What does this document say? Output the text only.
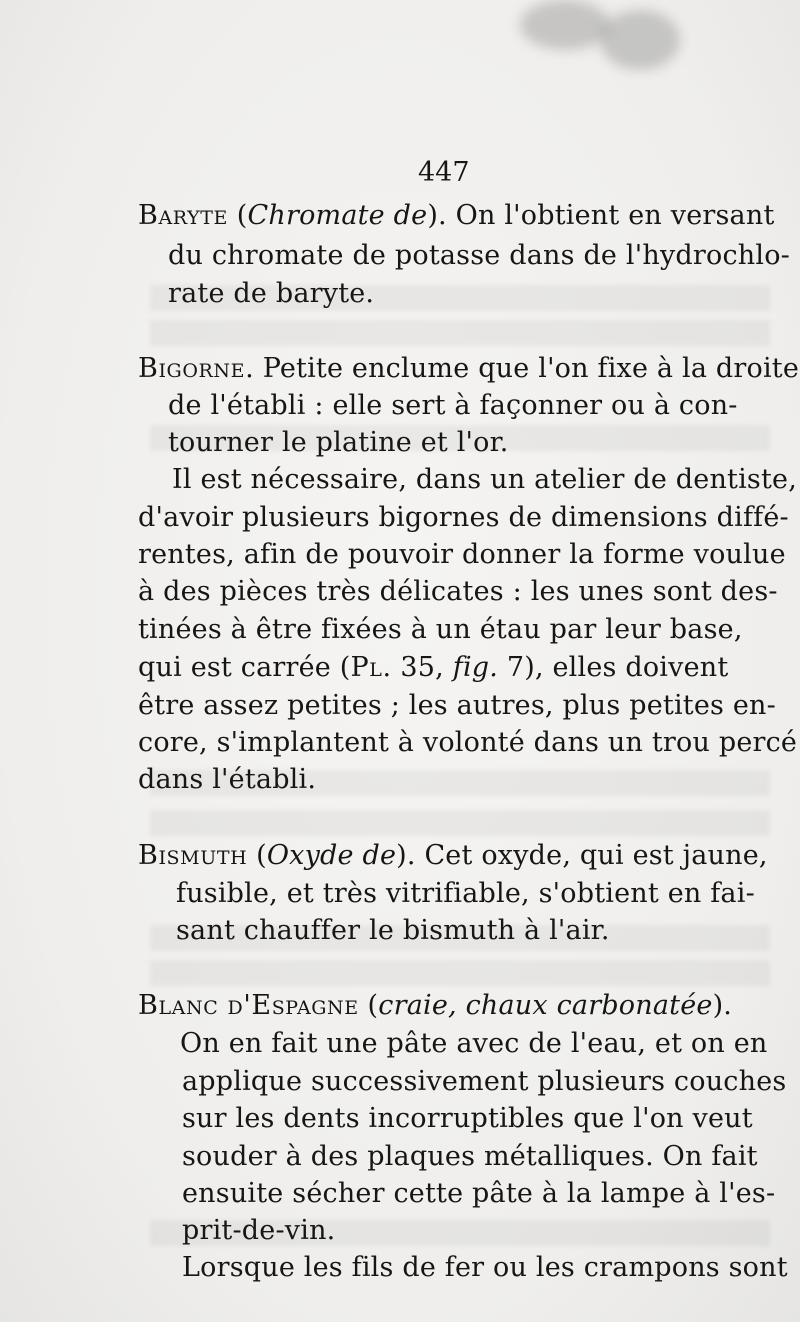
447
Baryte (Chromate de). On l'obtient en versant
du chromate de potasse dans de l'hydrochlo-
rate de baryte.
Bigorne. Petite enclume que l'on fixe à la droite
de l'établi : elle sert à façonner ou à con-
tourner le platine et l'or.
Il est nécessaire, dans un atelier de dentiste,
d'avoir plusieurs bigornes de dimensions diffé-
rentes, afin de pouvoir donner la forme voulue
à des pièces très délicates : les unes sont des-
tinées à être fixées à un étau par leur base,
qui est carrée (Pl. 35, fig. 7), elles doivent
être assez petites ; les autres, plus petites en-
core, s'implantent à volonté dans un trou percé
dans l'établi.
Bismuth (Oxyde de). Cet oxyde, qui est jaune,
fusible, et très vitrifiable, s'obtient en fai-
sant chauffer le bismuth à l'air.
Blanc d'Espagne (craie, chaux carbonatée).
On en fait une pâte avec de l'eau, et on en
applique successivement plusieurs couches
sur les dents incorruptibles que l'on veut
souder à des plaques métalliques. On fait
ensuite sécher cette pâte à la lampe à l'es-
prit-de-vin.
Lorsque les fils de fer ou les crampons sont
